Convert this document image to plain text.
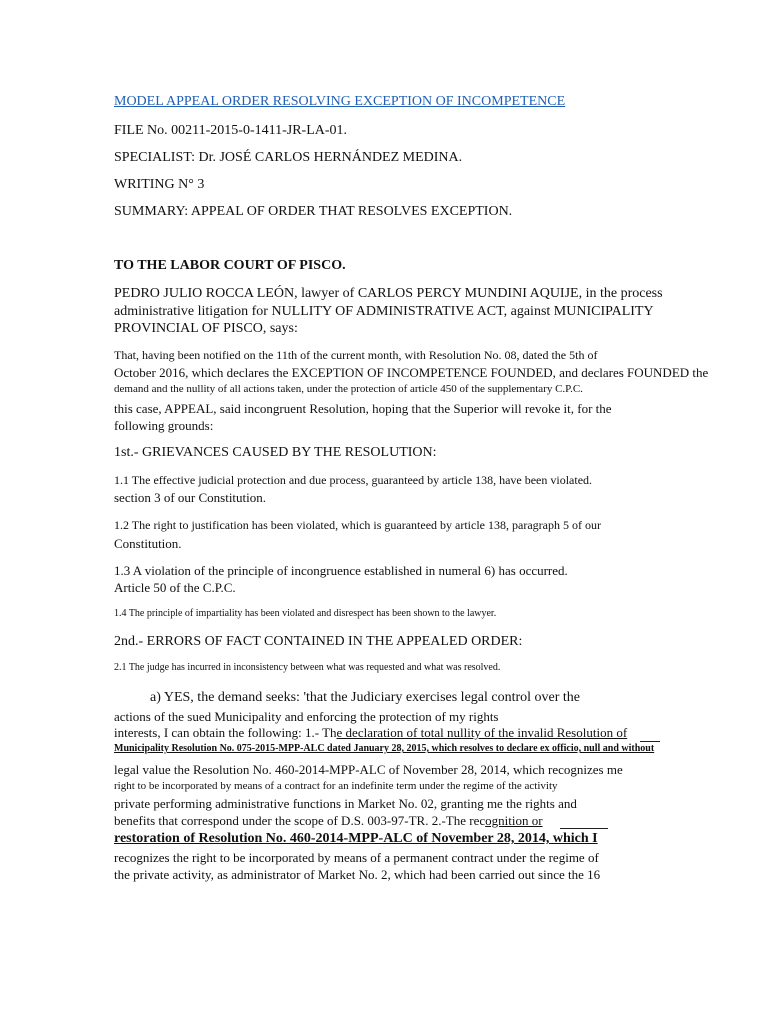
MODEL APPEAL ORDER RESOLVING EXCEPTION OF INCOMPETENCE
FILE No. 00211-2015-0-1411-JR-LA-01.
SPECIALIST: Dr. JOSÉ CARLOS HERNÁNDEZ MEDINA.
WRITING N° 3
SUMMARY: APPEAL OF ORDER THAT RESOLVES EXCEPTION.
TO THE LABOR COURT OF PISCO.
PEDRO JULIO ROCCA LEÓN, lawyer of CARLOS PERCY MUNDINI AQUIJE, in the process
administrative litigation for NULLITY OF ADMINISTRATIVE ACT, against MUNICIPALITY
PROVINCIAL OF PISCO, says:
That, having been notified on the 11th of the current month, with Resolution No. 08, dated the 5th of
October 2016, which declares the EXCEPTION OF INCOMPETENCE FOUNDED, and declares FOUNDED the
demand and the nullity of all actions taken, under the protection of article 450 of the supplementary C.P.C.
this case, APPEAL, said incongruent Resolution, hoping that the Superior will revoke it, for the
following grounds:
1st.- GRIEVANCES CAUSED BY THE RESOLUTION:
1.1 The effective judicial protection and due process, guaranteed by article 138, have been violated.
section 3 of our Constitution.
1.2 The right to justification has been violated, which is guaranteed by article 138, paragraph 5 of our
Constitution.
1.3 A violation of the principle of incongruence established in numeral 6) has occurred.
Article 50 of the C.P.C.
1.4 The principle of impartiality has been violated and disrespect has been shown to the lawyer.
2nd.- ERRORS OF FACT CONTAINED IN THE APPEALED ORDER:
2.1 The judge has incurred in inconsistency between what was requested and what was resolved.
a) YES, the demand seeks: 'that the Judiciary exercises legal control over the
actions of the sued Municipality and enforcing the protection of my rights
interests, I can obtain the following: 1.- The declaration of total nullity of the invalid Resolution of
Municipality Resolution No. 075-2015-MPP-ALC dated January 28, 2015, which resolves to declare ex officio, null and without
legal value the Resolution No. 460-2014-MPP-ALC of November 28, 2014, which recognizes me
right to be incorporated by means of a contract for an indefinite term under the regime of the activity
private performing administrative functions in Market No. 02, granting me the rights and
benefits that correspond under the scope of D.S. 003-97-TR. 2.-The recognition or
restoration of Resolution No. 460-2014-MPP-ALC of November 28, 2014, which I
recognizes the right to be incorporated by means of a permanent contract under the regime of
the private activity, as administrator of Market No. 2, which had been carried out since the 16
